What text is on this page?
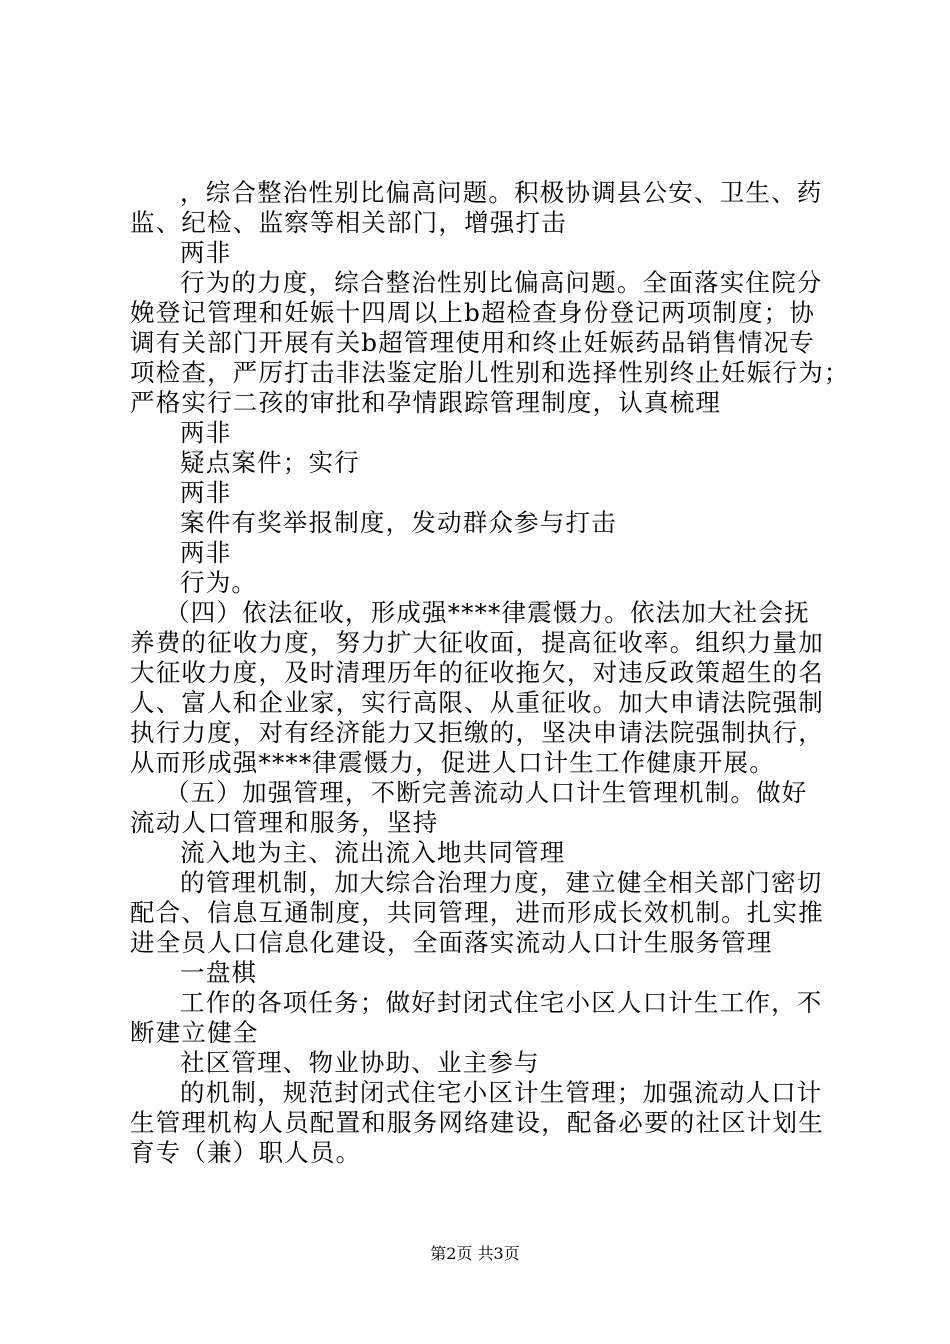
，综合整治性别比偏高问题。积极协调县公安、卫生、药
监、纪检、监察等相关部门，增强打击
两非
行为的力度，综合整治性别比偏高问题。全面落实住院分
娩登记管理和妊娠十四周以上b超检查身份登记两项制度；协
调有关部门开展有关b超管理使用和终止妊娠药品销售情况专
项检查，严厉打击非法鉴定胎儿性别和选择性别终止妊娠行为；
严格实行二孩的审批和孕情跟踪管理制度，认真梳理
两非
疑点案件；实行
两非
案件有奖举报制度，发动群众参与打击
两非
行为。
（四）依法征收，形成强****律震慑力。依法加大社会抚
养费的征收力度，努力扩大征收面，提高征收率。组织力量加
大征收力度，及时清理历年的征收拖欠，对违反政策超生的名
人、富人和企业家，实行高限、从重征收。加大申请法院强制
执行力度，对有经济能力又拒缴的，坚决申请法院强制执行，
从而形成强****律震慑力，促进人口计生工作健康开展。
（五）加强管理，不断完善流动人口计生管理机制。做好
流动人口管理和服务，坚持
流入地为主、流出流入地共同管理
的管理机制，加大综合治理力度，建立健全相关部门密切
配合、信息互通制度，共同管理，进而形成长效机制。扎实推
进全员人口信息化建设，全面落实流动人口计生服务管理
一盘棋
工作的各项任务；做好封闭式住宅小区人口计生工作，不
断建立健全
社区管理、物业协助、业主参与
的机制，规范封闭式住宅小区计生管理；加强流动人口计
生管理机构人员配置和服务网络建设，配备必要的社区计划生
育专（兼）职人员。
第2页 共3页
